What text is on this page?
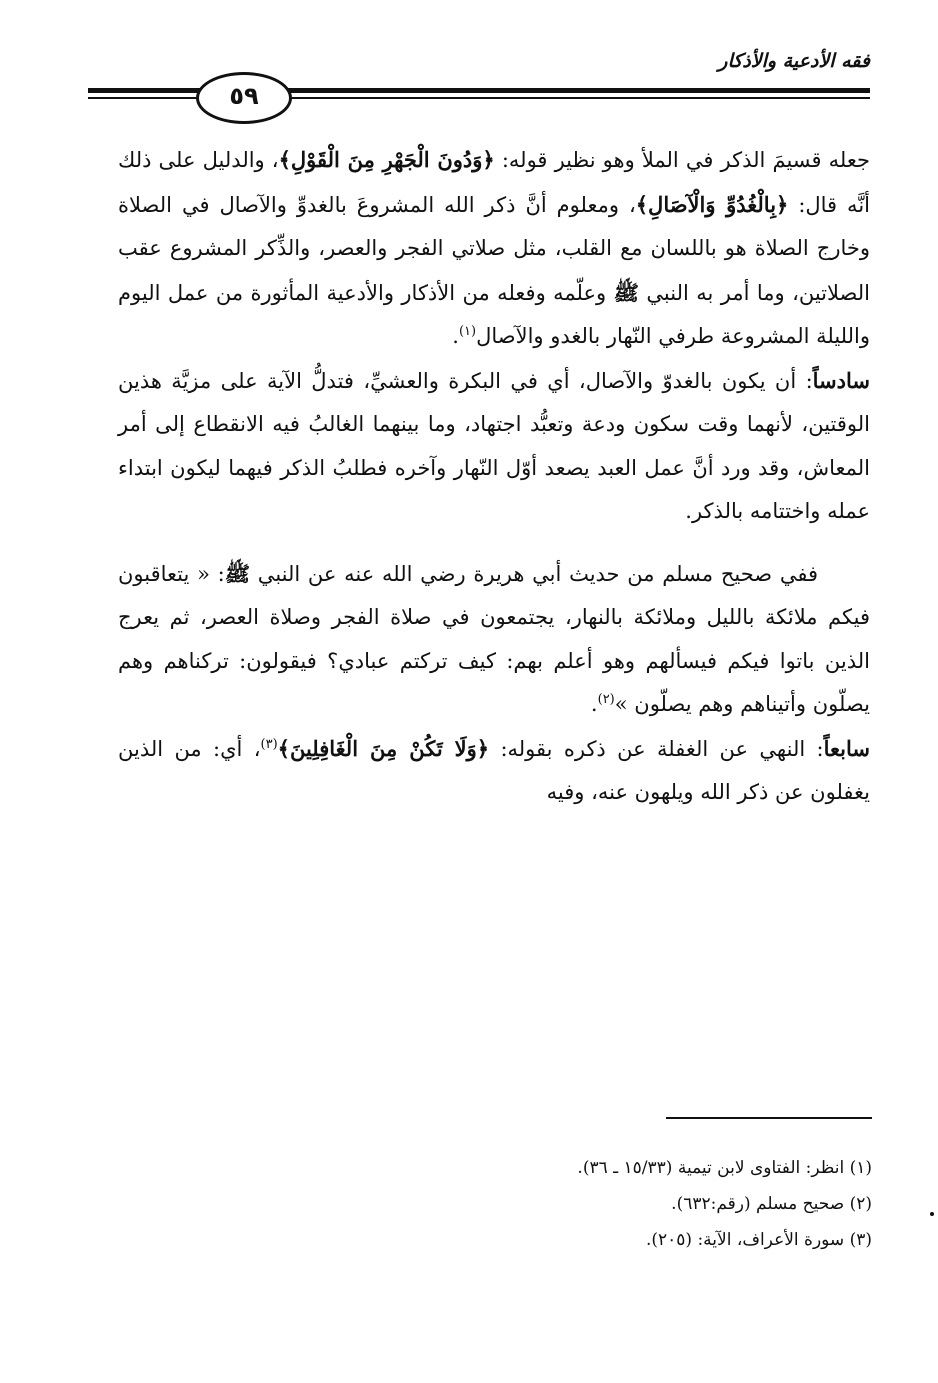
فقه الأدعية والأذكار
٥٩

جعله قسيمَ الذكر في الملأ وهو نظير قوله: ﴿وَدُونَ الْجَهْرِ مِنَ الْقَوْلِ﴾، والدليل على ذلك أنَّه قال: ﴿بِالْغُدُوِّ وَالْآصَالِ﴾، ومعلوم أنَّ ذكر الله المشروعَ بالغدوِّ والآصال في الصلاة وخارج الصلاة هو باللسان مع القلب، مثل صلاتي الفجر والعصر، والذِّكر المشروع عقب الصلاتين، وما أمر به النبي ﷺ وعلّمه وفعله من الأذكار والأدعية المأثورة من عمل اليوم والليلة المشروعة طرفي النّهار بالغدو والآصال$^{(١)}$.

سادساً: أن يكون بالغدوّ والآصال، أي في البكرة والعشيِّ، فتدلُّ الآية على مزيَّة هذين الوقتين، لأنهما وقت سكون ودعة وتعبُّد اجتهاد، وما بينهما الغالبُ فيه الانقطاع إلى أمر المعاش، وقد ورد أنَّ عمل العبد يصعد أوّل النّهار وآخره فطلبُ الذكر فيهما ليكون ابتداء عمله واختتامه بالذكر.

ففي صحيح مسلم من حديث أبي هريرة رضي الله عنه عن النبي ﷺ: « يتعاقبون فيكم ملائكة بالليل وملائكة بالنهار، يجتمعون في صلاة الفجر وصلاة العصر، ثم يعرج الذين باتوا فيكم فيسألهم وهو أعلم بهم: كيف تركتم عبادي؟ فيقولون: تركناهم وهم يصلّون وأتيناهم وهم يصلّون »$^{(٢)}$.

سابعاً: النهي عن الغفلة عن ذكره بقوله: ﴿وَلَا تَكُنْ مِنَ الْغَافِلِينَ﴾$^{(٣)}$، أي: من الذين يغفلون عن ذكر الله ويلهون عنه، وفيه

(١) انظر: الفتاوى لابن تيمية (١٥/٣٣ ـ ٣٦).

(٢) صحيح مسلم (رقم:٦٣٢).

(٣) سورة الأعراف، الآية: (٢٠٥).
